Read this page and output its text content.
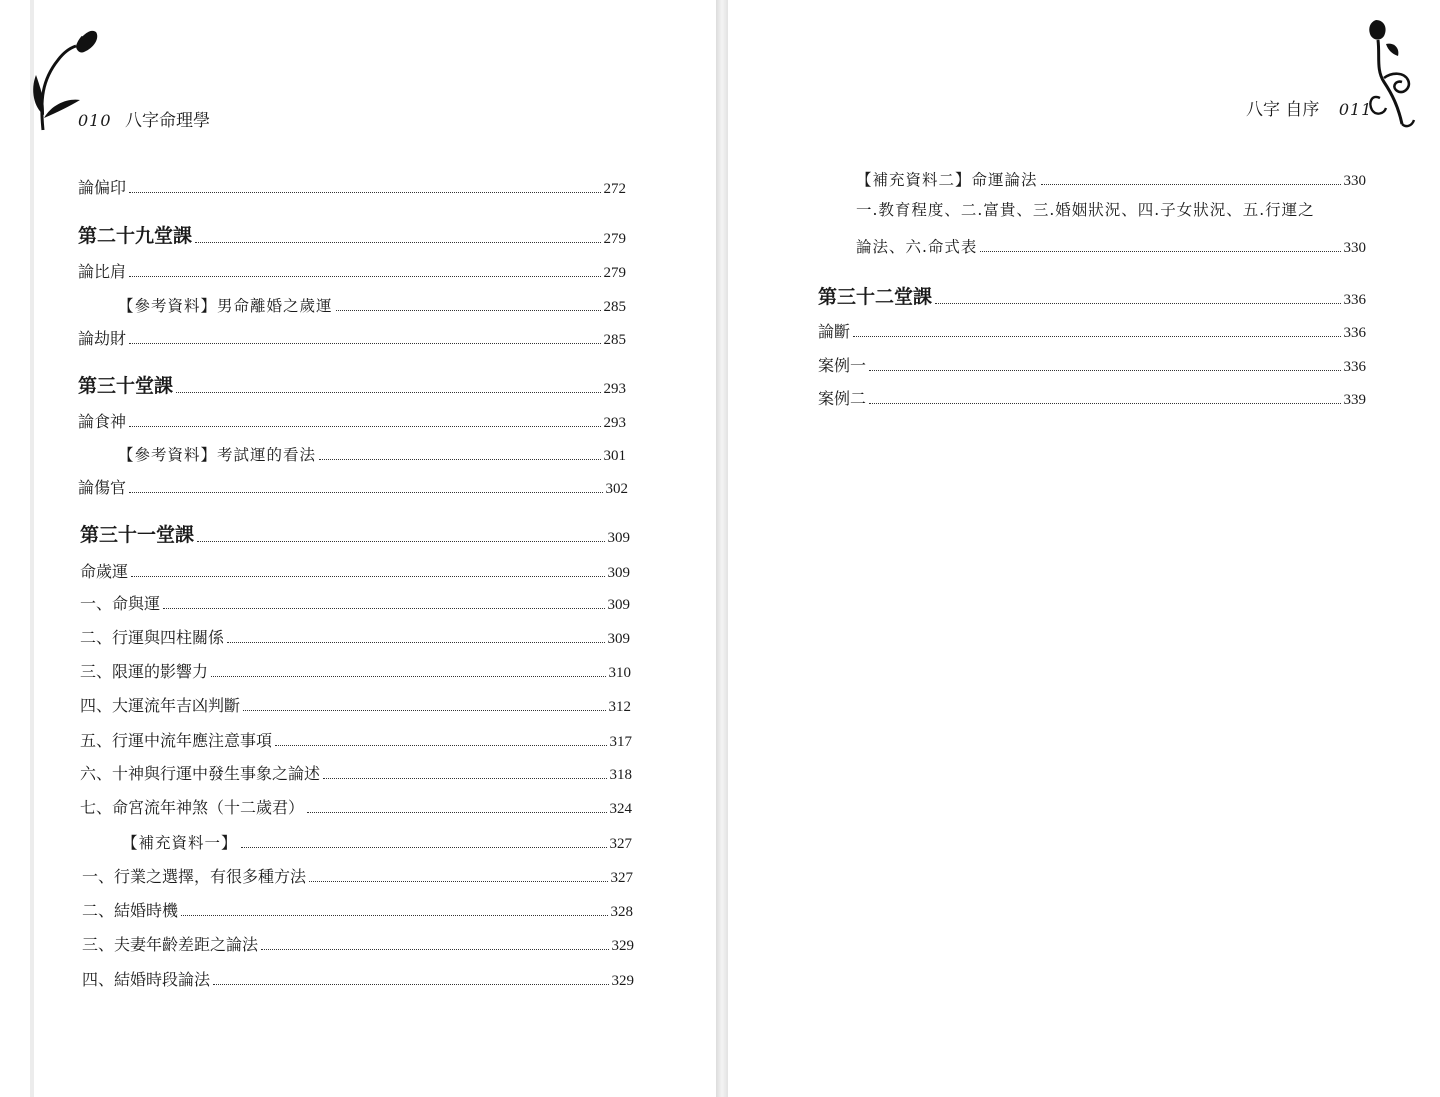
010 八字命理學
論偏印	272
第二十九堂課	279
論比肩	279
【參考資料】男命離婚之歲運	285
論劫財	285
第三十堂課	293
論食神	293
【參考資料】考試運的看法	301
論傷官	302
第三十一堂課	309
命歲運	309
一、命與運	309
二、行運與四柱關係	309
三、限運的影響力	310
四、大運流年吉凶判斷	312
五、行運中流年應注意事項	317
六、十神與行運中發生事象之論述	318
七、命宮流年神煞（十二歲君）	324
【補充資料一】	327
一、行業之選擇，有很多種方法	327
二、結婚時機	328
三、夫妻年齡差距之論法	329
四、結婚時段論法	329
八字 自序 011
【補充資料二】命運論法	330
一.教育程度、二.富貴、三.婚姻狀況、四.子女狀況、五.行運之
論法、六.命式表	330
第三十二堂課	336
論斷	336
案例一	336
案例二	339
